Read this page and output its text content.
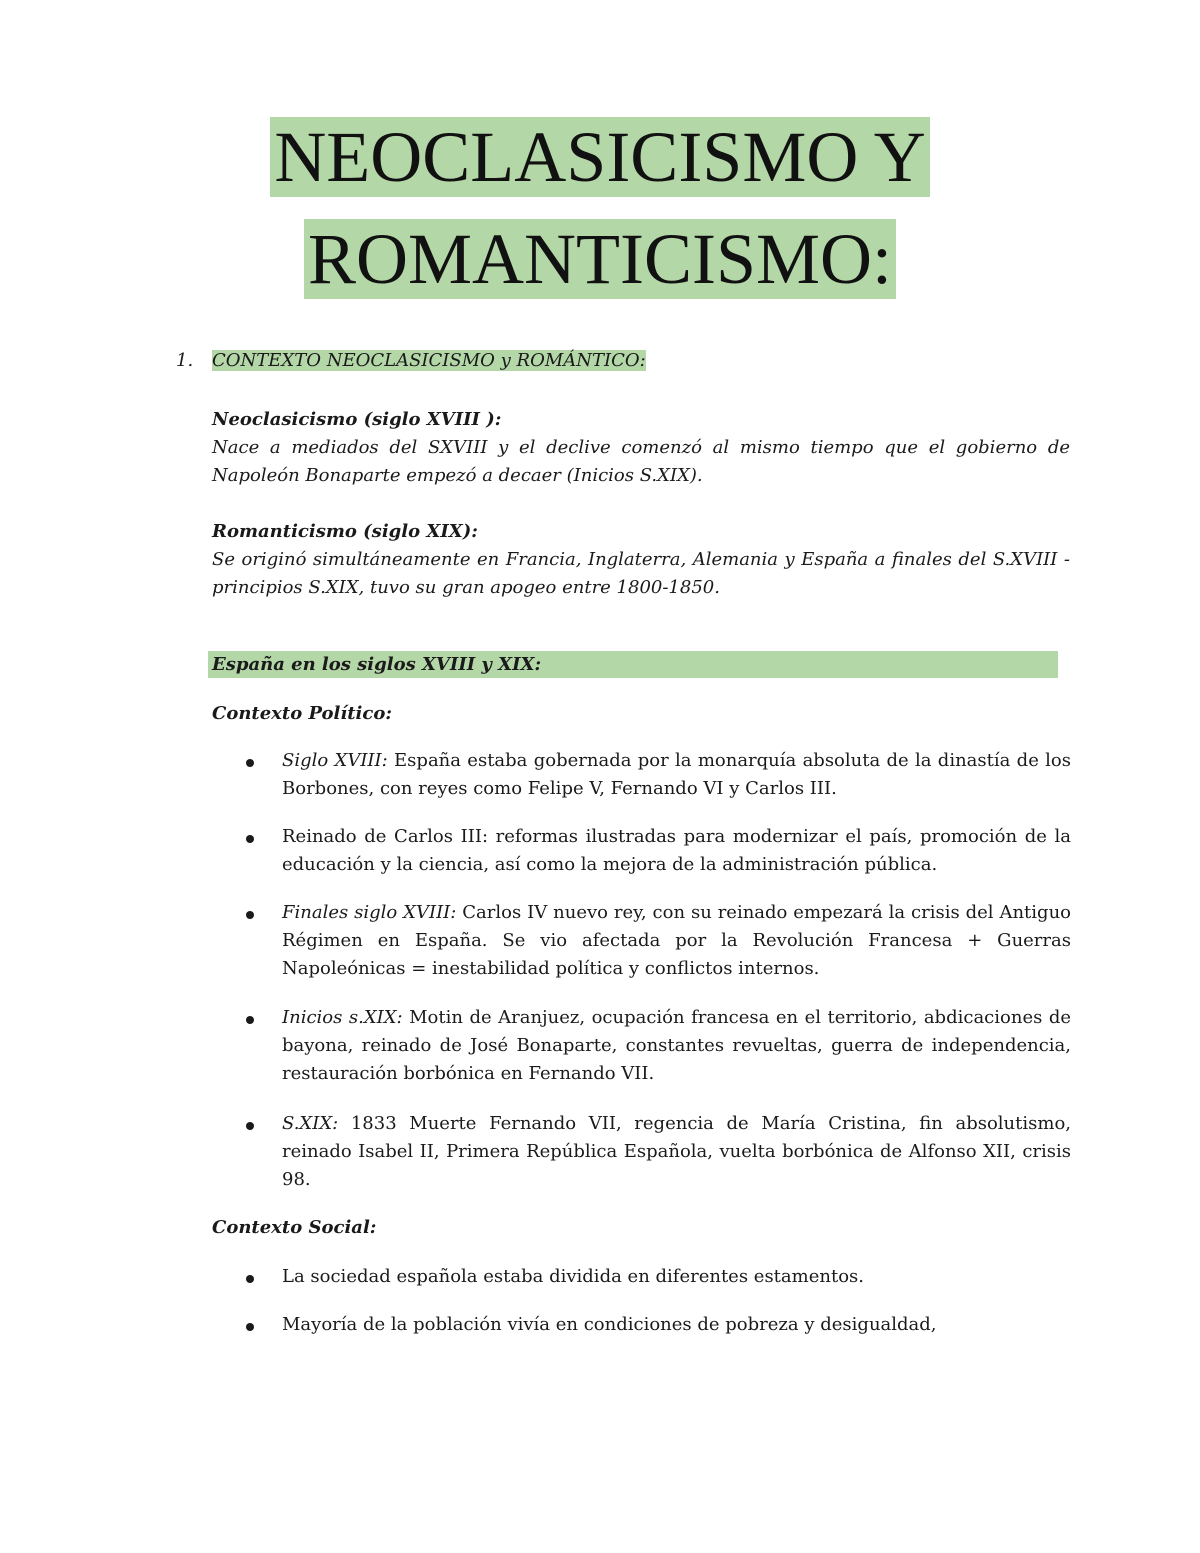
NEOCLASICISMO Y
ROMANTICISMO:
1. CONTEXTO NEOCLASICISMO y ROMÁNTICO:
Neoclasicismo (siglo XVIII ):
Nace a mediados del SXVIII y el declive comenzó al mismo tiempo que el gobierno de Napoleón Bonaparte empezó a decaer (Inicios S.XIX).
Romanticismo (siglo XIX):
Se originó simultáneamente en Francia, Inglaterra, Alemania y España a finales del S.XVIII - principios S.XIX, tuvo su gran apogeo entre 1800-1850.
España en los siglos XVIII y XIX:
Contexto Político:
Siglo XVIII: España estaba gobernada por la monarquía absoluta de la dinastía de los Borbones, con reyes como Felipe V, Fernando VI y Carlos III.
Reinado de Carlos III: reformas ilustradas para modernizar el país, promoción de la educación y la ciencia, así como la mejora de la administración pública.
Finales siglo XVIII: Carlos IV nuevo rey, con su reinado empezará la crisis del Antiguo Régimen en España. Se vio afectada por la Revolución Francesa + Guerras Napoleónicas = inestabilidad política y conflictos internos.
Inicios s.XIX: Motin de Aranjuez, ocupación francesa en el territorio, abdicaciones de bayona, reinado de José Bonaparte, constantes revueltas, guerra de independencia, restauración borbónica en Fernando VII.
S.XIX: 1833 Muerte Fernando VII, regencia de María Cristina, fin absolutismo, reinado Isabel II, Primera República Española, vuelta borbónica de Alfonso XII, crisis 98.
Contexto Social:
La sociedad española estaba dividida en diferentes estamentos.
Mayoría de la población vivía en condiciones de pobreza y desigualdad,
